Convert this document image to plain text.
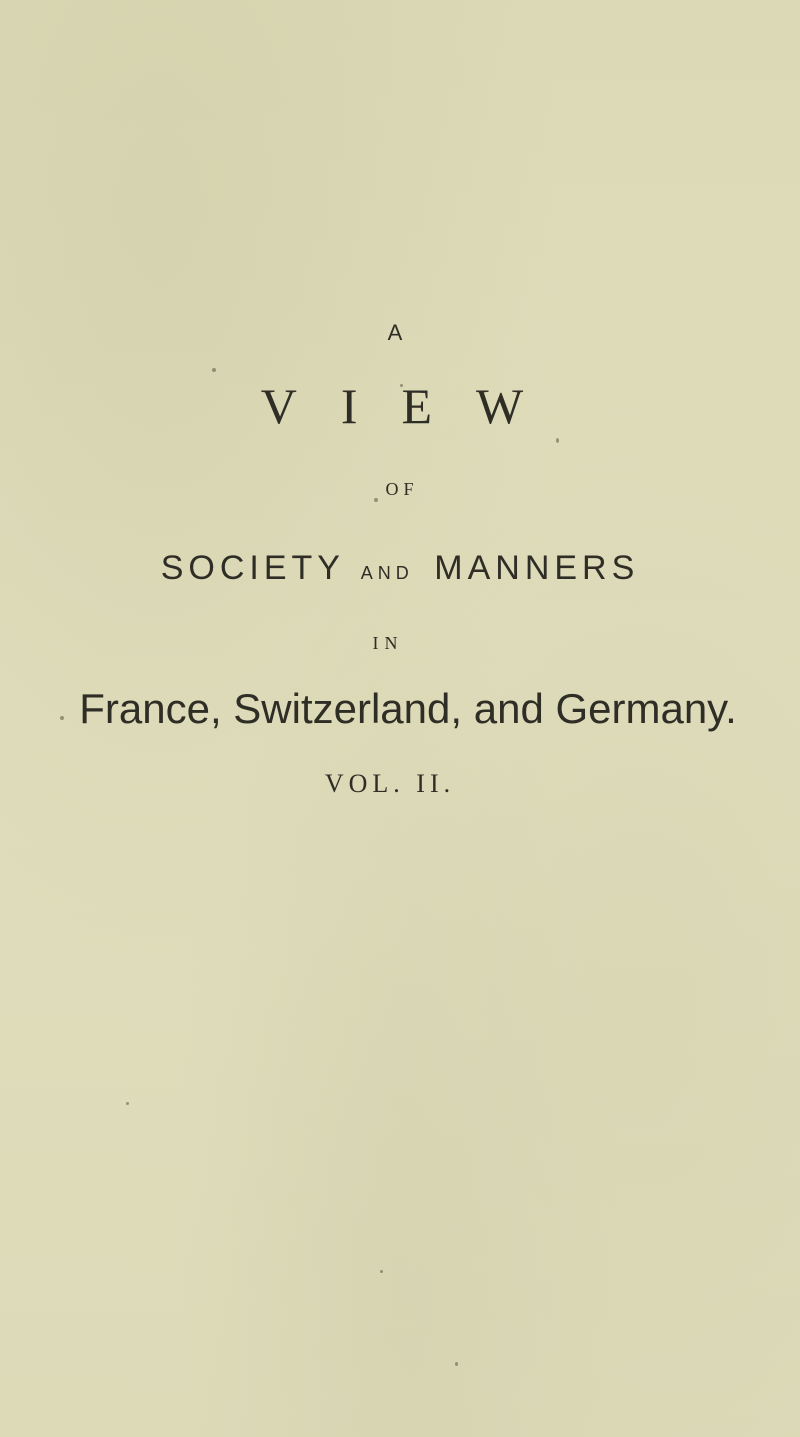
A
VIEW
OF
SOCIETY AND MANNERS
IN
France, Switzerland, and Germany.
VOL. II.
